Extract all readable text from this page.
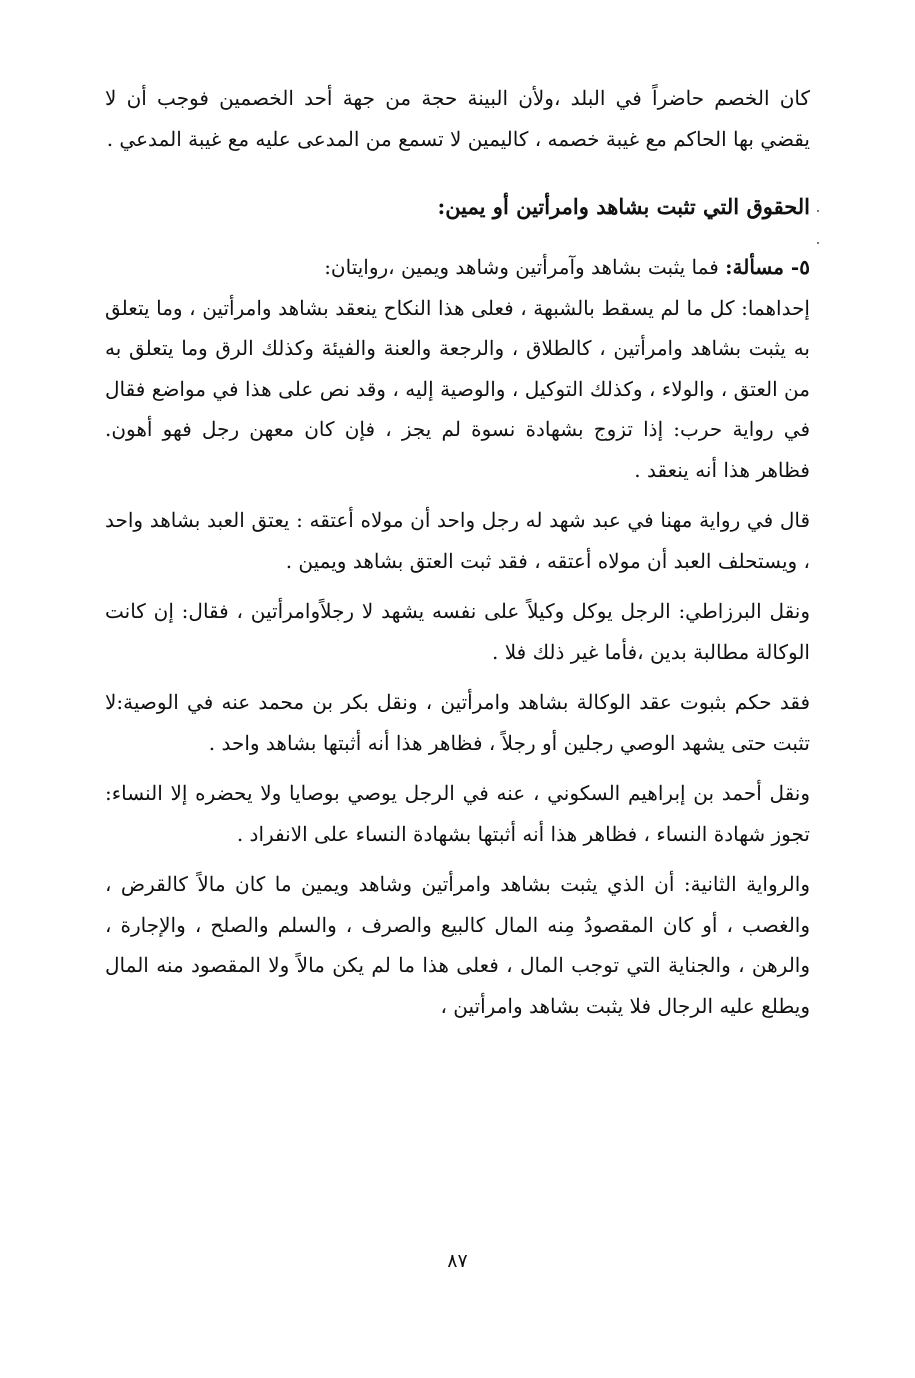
كان الخصم حاضراً في البلد ،ولأن البينة حجة من جهة أحد الخصمين فوجب أن لا يقضي بها الحاكم مع غيبة خصمه ، كاليمين لا تسمع من المدعى عليه مع غيبة المدعي .

الحقوق التي تثبت بشاهد وامرأتين أو يمين:

٥- مسألة: فما يثبت بشاهد وآمرأتين وشاهد ويمين ،روايتان:

إحداهما: كل ما لم يسقط بالشبهة ، فعلى هذا النكاح ينعقد بشاهد وامرأتين ، وما يتعلق به يثبت بشاهد وامرأتين ، كالطلاق ، والرجعة والعنة والفيئة وكذلك الرق وما يتعلق به من العتق ، والولاء ، وكذلك التوكيل ، والوصية إليه ، وقد نص على هذا في مواضع فقال في رواية حرب: إذا تزوج بشهادة نسوة لم يجز ، فإن كان معهن رجل فهو أهون. فظاهر هذا أنه ينعقد .

قال في رواية مهنا في عبد شهد له رجل واحد أن مولاه أعتقه : يعتق العبد بشاهد واحد ، ويستحلف العبد أن مولاه أعتقه ، فقد ثبت العتق بشاهد ويمين .

ونقل البرزاطي: الرجل يوكل وكيلاً على نفسه يشهد لا رجلاًوامرأتين ، فقال: إن كانت الوكالة مطالبة بدين ،فأما غير ذلك فلا .

فقد حكم بثبوت عقد الوكالة بشاهد وامرأتين ، ونقل بكر بن محمد عنه في الوصية:لا تثبت حتى يشهد الوصي رجلين أو رجلاً ، فظاهر هذا أنه أثبتها بشاهد واحد .

ونقل أحمد بن إبراهيم السكوني ، عنه في الرجل يوصي بوصايا ولا يحضره إلا النساء: تجوز شهادة النساء ، فظاهر هذا أنه أثبتها بشهادة النساء على الانفراد .

والرواية الثانية: أن الذي يثبت بشاهد وامرأتين وشاهد ويمين ما كان مالاً كالقرض ، والغصب ، أو كان المقصودُ مِنه المال كالبيع والصرف ، والسلم والصلح ، والإجارة ، والرهن ، والجناية التي توجب المال ، فعلى هذا ما لم يكن مالاً ولا المقصود منه المال ويطلع عليه الرجال فلا يثبت بشاهد وامرأتين ،

٨٧
